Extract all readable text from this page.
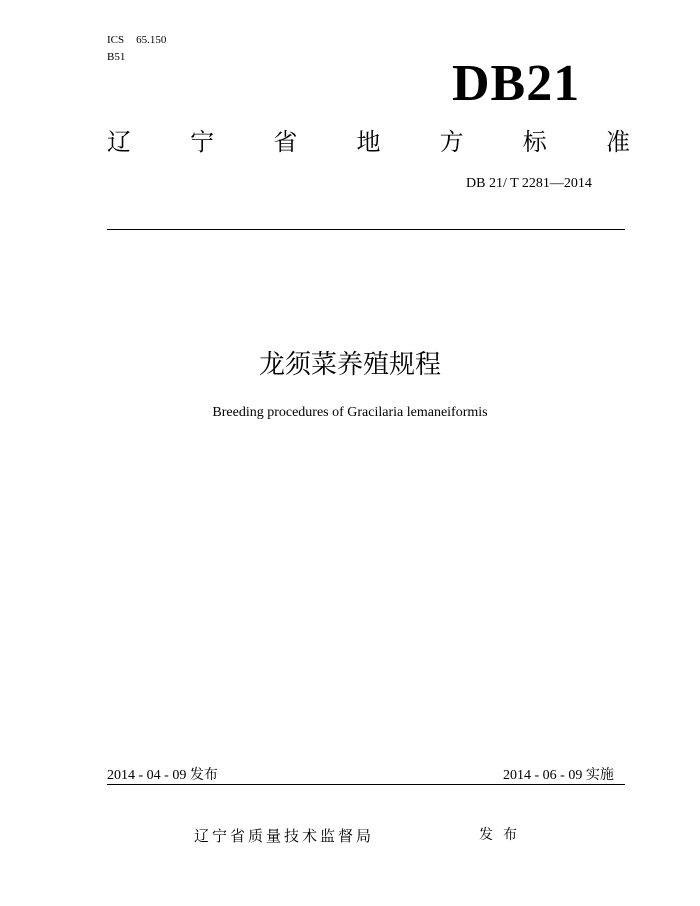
ICS 65.150
B51	DB21
辽 宁 省 地 方 标 准
DB 21/ T 2281—2014
龙须菜养殖规程
Breeding procedures of Gracilaria lemaneiformis
2014 - 04 - 09 发布	2014 - 06 - 09 实施
辽宁省质量技术监督局	发布
